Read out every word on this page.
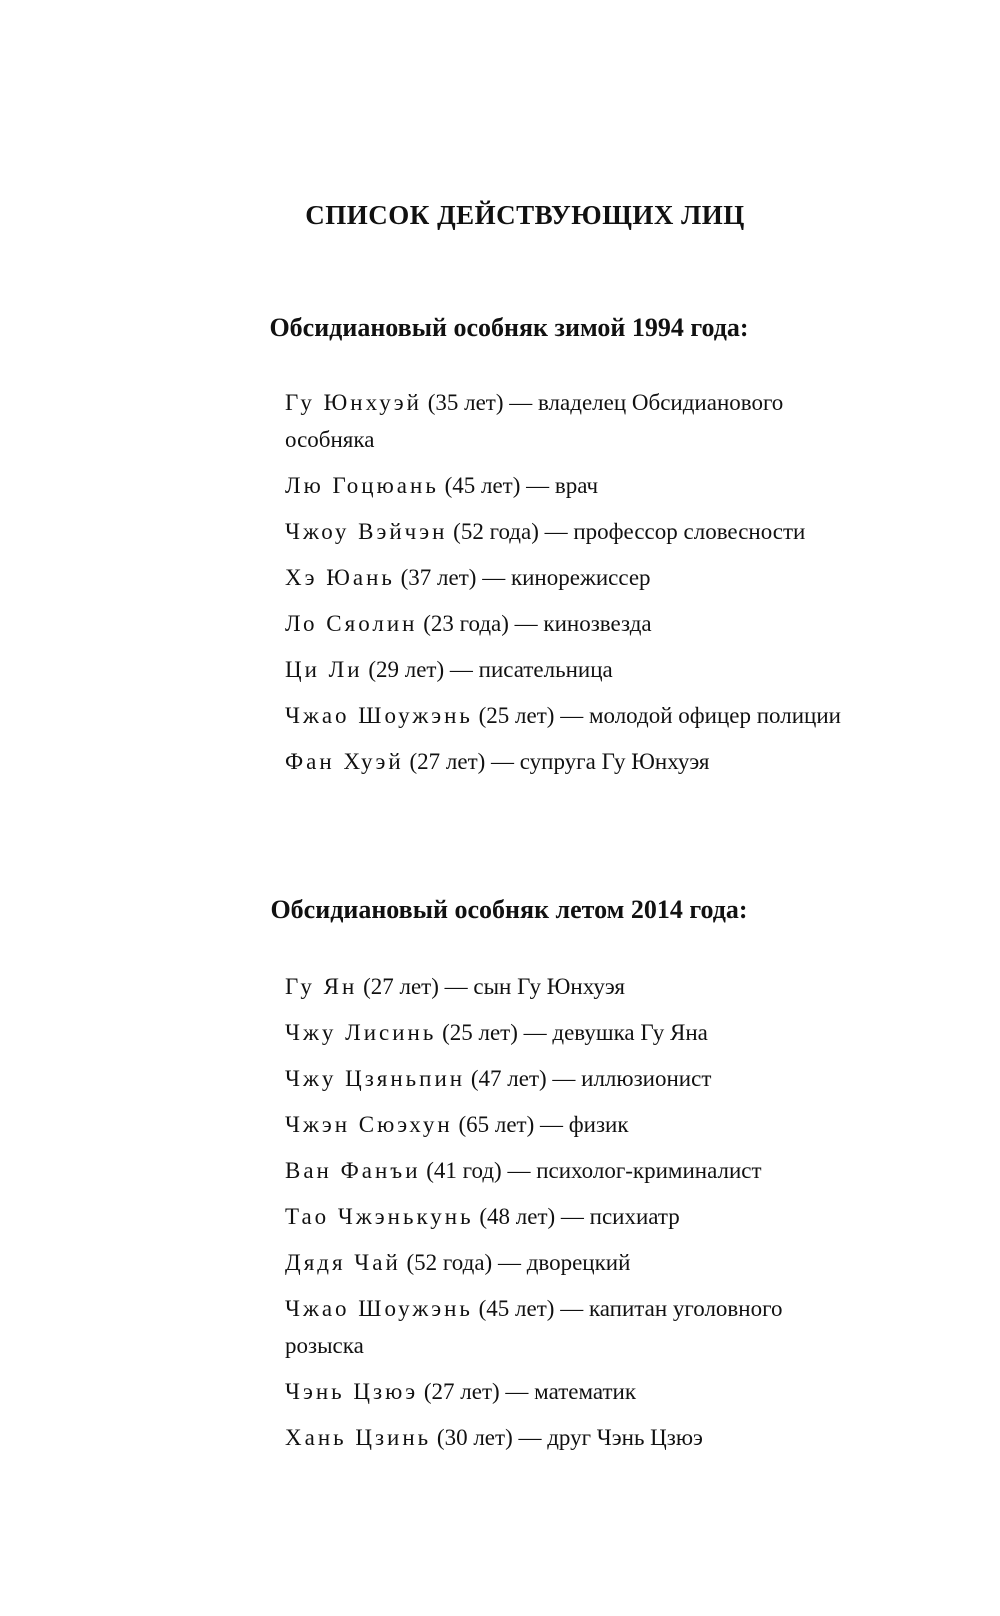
СПИСОК ДЕЙСТВУЮЩИХ ЛИЦ
Обсидиановый особняк зимой 1994 года:
Гу Юнхуэй (35 лет) — владелец Обсидианового особняка
Лю Гоцюань (45 лет) — врач
Чжоу Вэйчэн (52 года) — профессор словесности
Хэ Юань (37 лет) — кинорежиссер
Ло Сяолин (23 года) — кинозвезда
Ци Ли (29 лет) — писательница
Чжао Шоужэнь (25 лет) — молодой офицер полиции
Фан Хуэй (27 лет) — супруга Гу Юнхуэя
Обсидиановый особняк летом 2014 года:
Гу Ян (27 лет) — сын Гу Юнхуэя
Чжу Лисинь (25 лет) — девушка Гу Яна
Чжу Цзяньпин (47 лет) — иллюзионист
Чжэн Сюэхун (65 лет) — физик
Ван Фанъи (41 год) — психолог-криминалист
Тао Чжэнькунь (48 лет) — психиатр
Дядя Чай (52 года) — дворецкий
Чжао Шоужэнь (45 лет) — капитан уголовного розыска
Чэнь Цзюэ (27 лет) — математик
Хань Цзинь (30 лет) — друг Чэнь Цзюэ
